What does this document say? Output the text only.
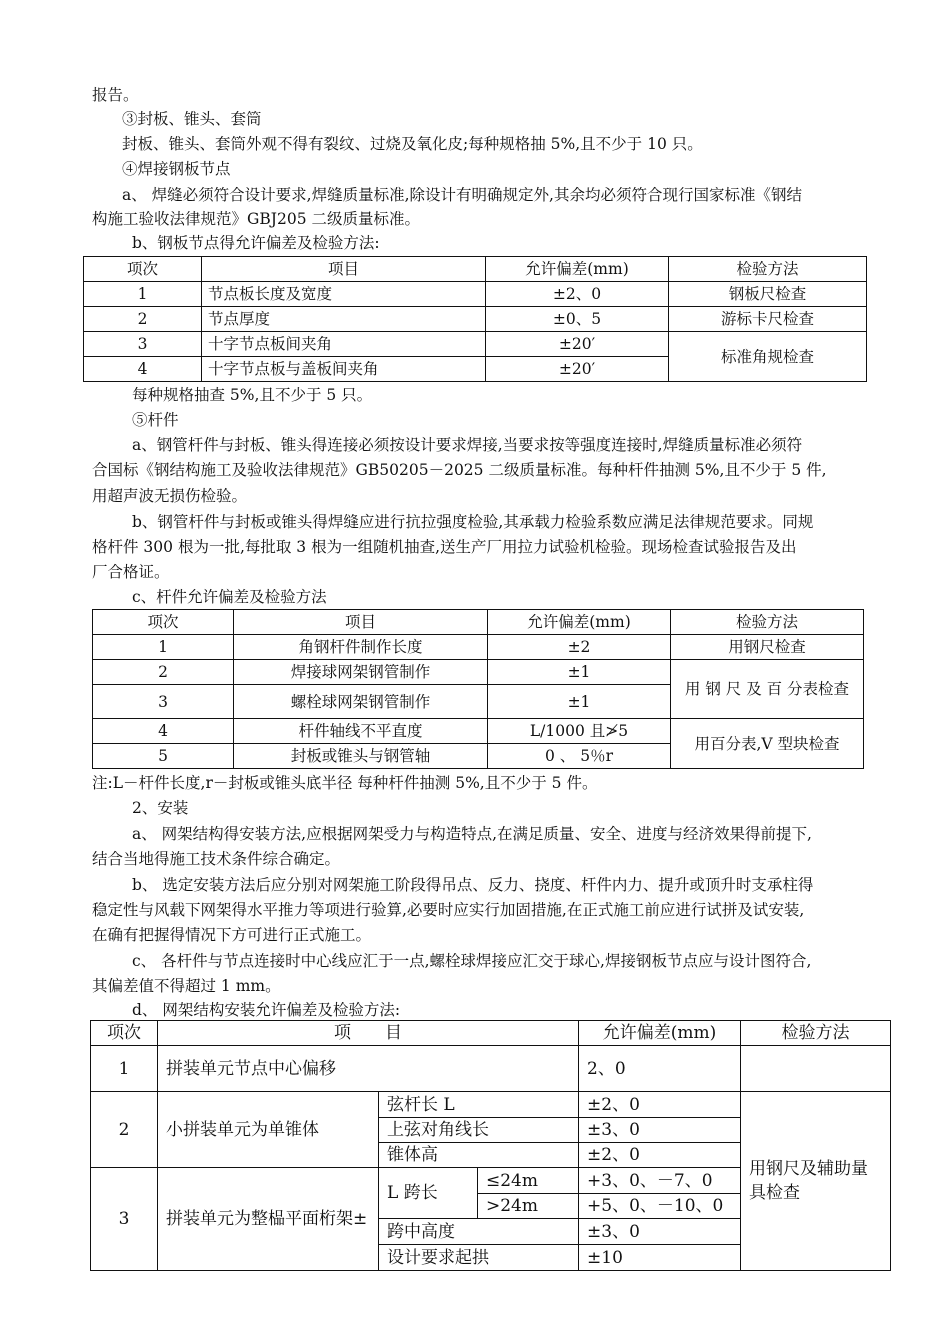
报告。
③封板、锥头、套筒
封板、锥头、套筒外观不得有裂纹、过烧及氧化皮;每种规格抽 5%,且不少于 10 只。
④焊接钢板节点
a、 焊缝必须符合设计要求,焊缝质量标准,除设计有明确规定外,其余均必须符合现行国家标准《钢结
构施工验收法律规范》GBJ205 二级质量标准。
b、钢板节点得允许偏差及检验方法:
项次	项目	允许偏差(mm)	检验方法
1	节点板长度及宽度	±2、0	钢板尺检查
2	节点厚度	±0、5	游标卡尺检查
3	十字节点板间夹角	±20′	标准角规检查
4	十字节点板与盖板间夹角	±20′	
每种规格抽查 5%,且不少于 5 只。
⑤杆件
a、钢管杆件与封板、锥头得连接必须按设计要求焊接,当要求按等强度连接时,焊缝质量标准必须符
合国标《钢结构施工及验收法律规范》GB50205－2025 二级质量标准。每种杆件抽测 5%,且不少于 5 件,
用超声波无损伤检验。
b、钢管杆件与封板或锥头得焊缝应进行抗拉强度检验,其承载力检验系数应满足法律规范要求。同规
格杆件 300 根为一批,每批取 3 根为一组随机抽查,送生产厂用拉力试验机检验。现场检查试验报告及出
厂合格证。
c、杆件允许偏差及检验方法
项次	项目	允许偏差(mm)	检验方法
1	角钢杆件制作长度	±2	用钢尺检查
2	焊接球网架钢管制作	±1	用 钢 尺 及 百 分表检查
3	螺栓球网架钢管制作	±1	
4	杆件轴线不平直度	L/1000 且≯5	用百分表,V 型块检查
5	封板或锥头与钢管轴	0 、 5％r	
注:L－杆件长度,r－封板或锥头底半径 每种杆件抽测 5%,且不少于 5 件。
2、安装
a、 网架结构得安装方法,应根据网架受力与构造特点,在满足质量、安全、进度与经济效果得前提下,
结合当地得施工技术条件综合确定。
b、 选定安装方法后应分别对网架施工阶段得吊点、反力、挠度、杆件内力、提升或顶升时支承柱得
稳定性与风载下网架得水平推力等项进行验算,必要时应实行加固措施,在正式施工前应进行试拼及试安装,
在确有把握得情况下方可进行正式施工。
c、 各杆件与节点连接时中心线应汇于一点,螺栓球焊接应汇交于球心,焊接钢板节点应与设计图符合,
其偏差值不得超过 1 mm。
d、 网架结构安装允许偏差及检验方法:
项次	项　　目			允许偏差(mm)	检验方法
1	拼装单元节点中心偏移			2、0	
2	小拼装单元为单锥体	弦杆长 L		±2、0	用钢尺及辅助量具检查
		上弦对角线长		±3、0	
		锥体高		±2、0	
3	拼装单元为整榀平面桁架±	L 跨长	≤24m	+3、0、－7、0	
			>24m	+5、0、－10、0	
		跨中高度		±3、0	
		设计要求起拱		±10	
